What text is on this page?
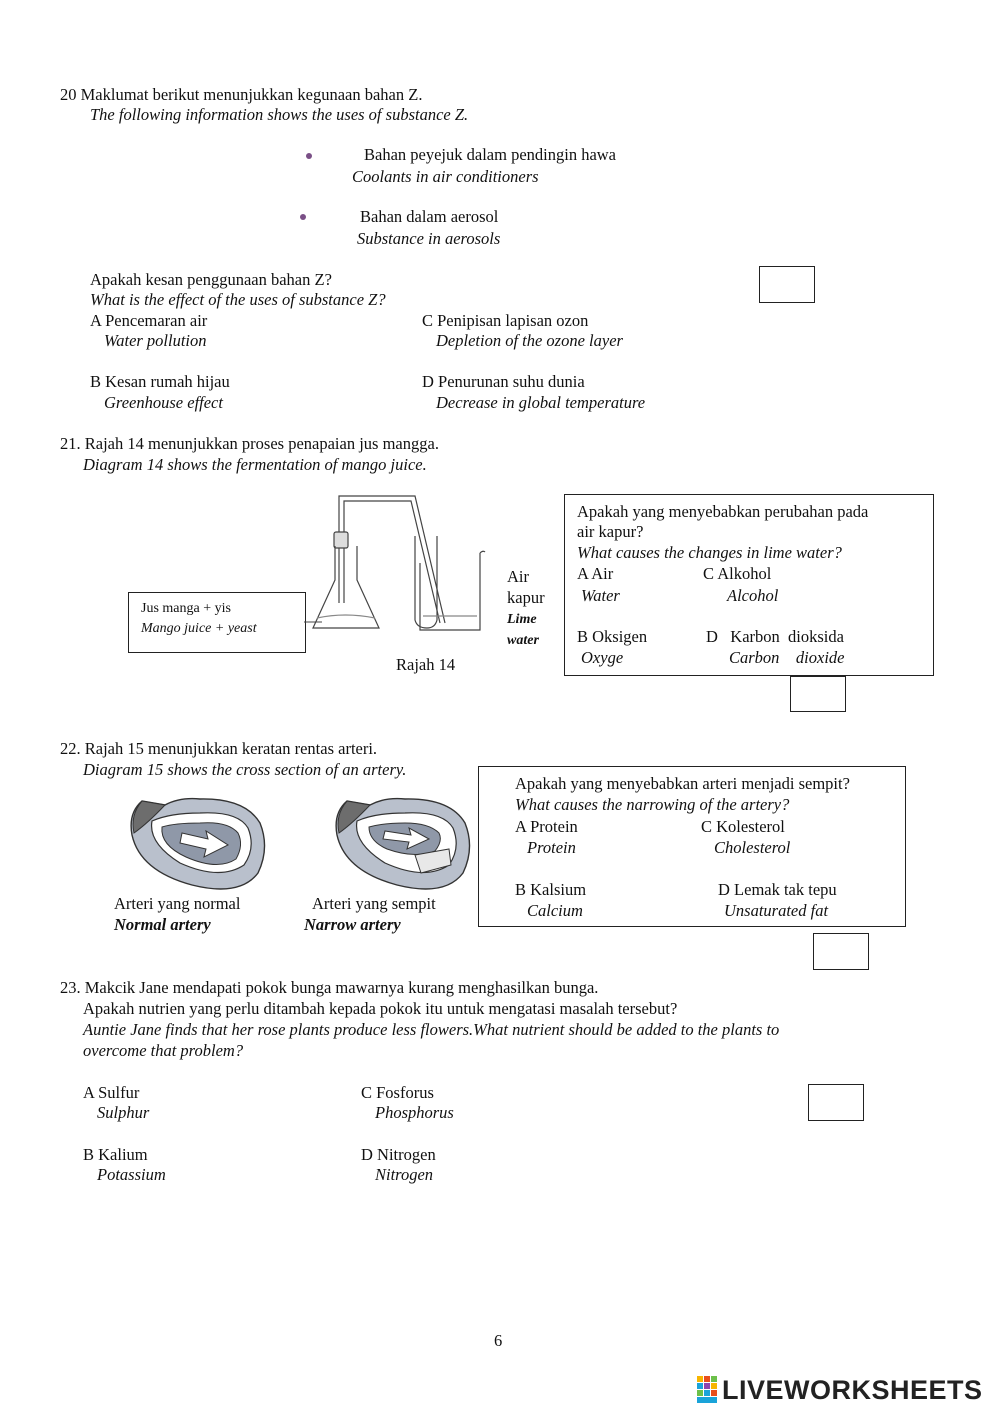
20 Maklumat berikut menunjukkan kegunaan bahan Z.
The following information shows the uses of substance Z.
Bahan peyejuk dalam pendingin hawa
Coolants in air conditioners
Bahan dalam aerosol
Substance in aerosols
Apakah kesan penggunaan bahan Z?
What is the effect of the uses of substance Z?
A Pencemaran air
Water pollution
C Penipisan lapisan ozon
Depletion of the ozone layer
B Kesan rumah hijau
Greenhouse effect
D Penurunan suhu dunia
Decrease in global temperature
21. Rajah 14 menunjukkan proses penapaian jus mangga.
Diagram 14 shows the fermentation of mango juice.
Jus manga + yis
Mango juice + yeast
Air
kapur
Lime
water
Rajah 14
Apakah yang menyebabkan perubahan pada
air kapur?
What causes the changes in lime water?
A Air
Water
C Alkohol
Alcohol
B Oksigen
Oxyge
D   Karbon  dioksida
Carbon    dioxide
22. Rajah 15 menunjukkan keratan rentas arteri.
Diagram 15 shows the cross section of an artery.
Arteri yang normal
Normal artery
Arteri yang sempit
Narrow artery
Apakah yang menyebabkan arteri menjadi sempit?
What causes the narrowing of the artery?
A Protein
Protein
C Kolesterol
Cholesterol
B Kalsium
Calcium
D Lemak tak tepu
Unsaturated fat
23. Makcik Jane mendapati pokok bunga mawarnya kurang menghasilkan bunga.
Apakah nutrien yang perlu ditambah kepada pokok itu untuk mengatasi masalah tersebut?
Auntie Jane finds that her rose plants produce less flowers.What nutrient should be added to the plants to
overcome that problem?
A Sulfur
Sulphur
C Fosforus
Phosphorus
B Kalium
Potassium
D Nitrogen
Nitrogen
6
LIVEWORKSHEETS
